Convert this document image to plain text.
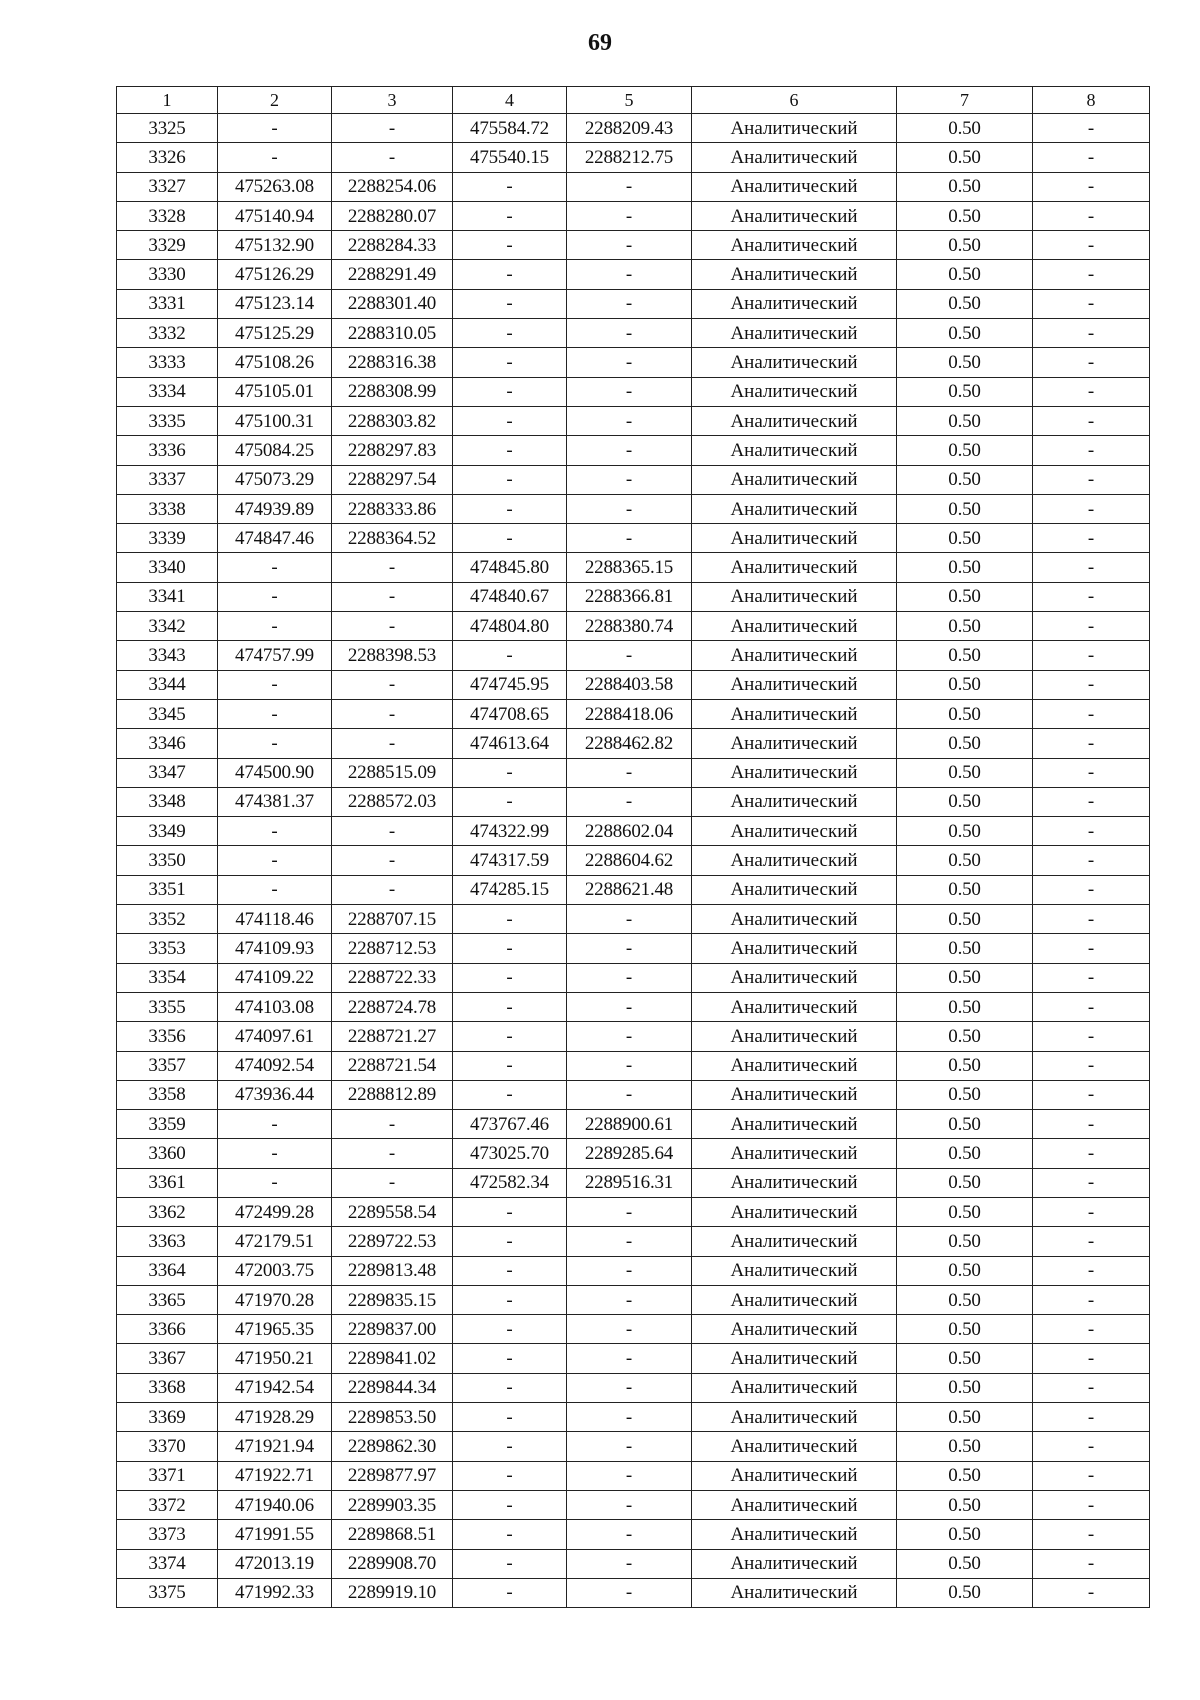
69
1	2	3	4	5	6	7	8
3325	-	-	475584.72	2288209.43	Аналитический	0.50	-
3326	-	-	475540.15	2288212.75	Аналитический	0.50	-
3327	475263.08	2288254.06	-	-	Аналитический	0.50	-
3328	475140.94	2288280.07	-	-	Аналитический	0.50	-
3329	475132.90	2288284.33	-	-	Аналитический	0.50	-
3330	475126.29	2288291.49	-	-	Аналитический	0.50	-
3331	475123.14	2288301.40	-	-	Аналитический	0.50	-
3332	475125.29	2288310.05	-	-	Аналитический	0.50	-
3333	475108.26	2288316.38	-	-	Аналитический	0.50	-
3334	475105.01	2288308.99	-	-	Аналитический	0.50	-
3335	475100.31	2288303.82	-	-	Аналитический	0.50	-
3336	475084.25	2288297.83	-	-	Аналитический	0.50	-
3337	475073.29	2288297.54	-	-	Аналитический	0.50	-
3338	474939.89	2288333.86	-	-	Аналитический	0.50	-
3339	474847.46	2288364.52	-	-	Аналитический	0.50	-
3340	-	-	474845.80	2288365.15	Аналитический	0.50	-
3341	-	-	474840.67	2288366.81	Аналитический	0.50	-
3342	-	-	474804.80	2288380.74	Аналитический	0.50	-
3343	474757.99	2288398.53	-	-	Аналитический	0.50	-
3344	-	-	474745.95	2288403.58	Аналитический	0.50	-
3345	-	-	474708.65	2288418.06	Аналитический	0.50	-
3346	-	-	474613.64	2288462.82	Аналитический	0.50	-
3347	474500.90	2288515.09	-	-	Аналитический	0.50	-
3348	474381.37	2288572.03	-	-	Аналитический	0.50	-
3349	-	-	474322.99	2288602.04	Аналитический	0.50	-
3350	-	-	474317.59	2288604.62	Аналитический	0.50	-
3351	-	-	474285.15	2288621.48	Аналитический	0.50	-
3352	474118.46	2288707.15	-	-	Аналитический	0.50	-
3353	474109.93	2288712.53	-	-	Аналитический	0.50	-
3354	474109.22	2288722.33	-	-	Аналитический	0.50	-
3355	474103.08	2288724.78	-	-	Аналитический	0.50	-
3356	474097.61	2288721.27	-	-	Аналитический	0.50	-
3357	474092.54	2288721.54	-	-	Аналитический	0.50	-
3358	473936.44	2288812.89	-	-	Аналитический	0.50	-
3359	-	-	473767.46	2288900.61	Аналитический	0.50	-
3360	-	-	473025.70	2289285.64	Аналитический	0.50	-
3361	-	-	472582.34	2289516.31	Аналитический	0.50	-
3362	472499.28	2289558.54	-	-	Аналитический	0.50	-
3363	472179.51	2289722.53	-	-	Аналитический	0.50	-
3364	472003.75	2289813.48	-	-	Аналитический	0.50	-
3365	471970.28	2289835.15	-	-	Аналитический	0.50	-
3366	471965.35	2289837.00	-	-	Аналитический	0.50	-
3367	471950.21	2289841.02	-	-	Аналитический	0.50	-
3368	471942.54	2289844.34	-	-	Аналитический	0.50	-
3369	471928.29	2289853.50	-	-	Аналитический	0.50	-
3370	471921.94	2289862.30	-	-	Аналитический	0.50	-
3371	471922.71	2289877.97	-	-	Аналитический	0.50	-
3372	471940.06	2289903.35	-	-	Аналитический	0.50	-
3373	471991.55	2289868.51	-	-	Аналитический	0.50	-
3374	472013.19	2289908.70	-	-	Аналитический	0.50	-
3375	471992.33	2289919.10	-	-	Аналитический	0.50	-
